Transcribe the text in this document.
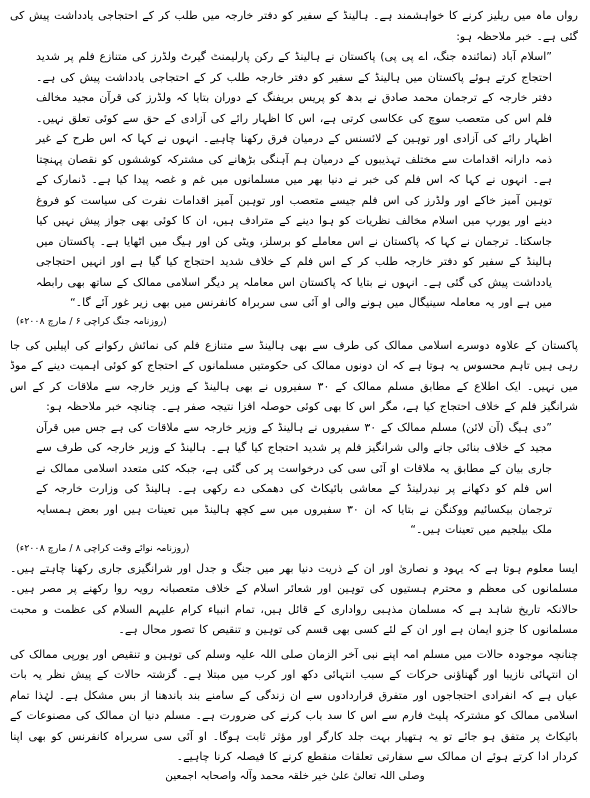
رواں ماہ میں ریلیز کرنے کا خواہشمند ہے۔ ہالینڈ کے سفیر کو دفتر خارجہ میں طلب کر کے احتجاجی یادداشت پیش کی گئی ہے۔ خبر ملاحظہ ہو:

”اسلام آباد (نمائندہ جنگ، اے پی پی) پاکستان نے ہالینڈ کے رکن پارلیمنٹ گیرٹ ولڈرز کی متنازع فلم پر شدید احتجاج کرتے ہوئے پاکستان میں ہالینڈ کے سفیر کو دفتر خارجہ طلب کر کے احتجاجی یادداشت پیش کی ہے۔ دفتر خارجہ کے ترجمان محمد صادق نے بدھ کو پریس بریفنگ کے دوران بتایا کہ ولڈرز کی قرآن مجید مخالف فلم اس کی متعصب سوچ کی عکاسی کرتی ہے، اس کا اظہار رائے کی آزادی کے حق سے کوئی تعلق نہیں۔ اظہار رائے کی آزادی اور توہین کے لائسنس کے درمیان فرق رکھنا چاہیے۔ انہوں نے کہا کہ اس طرح کے غیر ذمہ دارانہ اقدامات سے مختلف تہذیبوں کے درمیان ہم آہنگی بڑھانے کی مشترکہ کوششوں کو نقصان پہنچتا ہے۔ انہوں نے کہا کہ اس فلم کی خبر نے دنیا بھر میں مسلمانوں میں غم و غصہ پیدا کیا ہے۔ ڈنمارک کے توہین آمیز خاکے اور ولڈرز کی اس فلم جیسے متعصب اور توہین آمیز اقدامات نفرت کی سیاست کو فروغ دینے اور یورپ میں اسلام مخالف نظریات کو ہوا دینے کے مترادف ہیں، ان کا کوئی بھی جواز پیش نہیں کیا جاسکتا۔ ترجمان نے کہا کہ پاکستان نے اس معاملے کو برسلز، ویٹی کن اور ہیگ میں اٹھایا ہے۔ پاکستان میں ہالینڈ کے سفیر کو دفتر خارجہ طلب کر کے اس فلم کے خلاف شدید احتجاج کیا گیا ہے اور انہیں احتجاجی یادداشت پیش کی گئی ہے۔ انہوں نے بتایا کہ پاکستان اس معاملہ پر دیگر اسلامی ممالک کے ساتھ بھی رابطہ میں ہے اور یہ معاملہ سینیگال میں ہونے والی او آئی سی سربراہ کانفرنس میں بھی زیر غور آئے گا۔“

(روزنامہ جنگ کراچی ۶ / مارچ ۲۰۰۸ء)

پاکستان کے علاوہ دوسرے اسلامی ممالک کی طرف سے بھی ہالینڈ سے متنازع فلم کی نمائش رکوانے کی اپیلیں کی جا رہی ہیں تاہم محسوس یہ ہوتا ہے کہ ان دونوں ممالک کی حکومتیں مسلمانوں کے احتجاج کو کوئی اہمیت دینے کے موڈ میں نہیں۔ ایک اطلاع کے مطابق مسلم ممالک کے ۳۰ سفیروں نے بھی ہالینڈ کے وزیر خارجہ سے ملاقات کر کے اس شرانگیز فلم کے خلاف احتجاج کیا ہے، مگر اس کا بھی کوئی حوصلہ افزا نتیجہ صفر ہے۔ چنانچہ خبر ملاحظہ ہو:

”دی ہیگ (آن لائن) مسلم ممالک کے ۳۰ سفیروں نے ہالینڈ کے وزیر خارجہ سے ملاقات کی ہے جس میں قرآن مجید کے خلاف بنائی جانے والی شرانگیز فلم پر شدید احتجاج کیا گیا ہے۔ ہالینڈ کے وزیر خارجہ کی طرف سے جاری بیان کے مطابق یہ ملاقات او آئی سی کی درخواست پر کی گئی ہے، جبکہ کئی متعدد اسلامی ممالک نے اس فلم کو دکھانے پر نیدرلینڈ کے معاشی بائیکاٹ کی دھمکی دے رکھی ہے۔ ہالینڈ کی وزارت خارجہ کے ترجمان بیکسائیم ووکنگن نے بتایا کہ ان ۳۰ سفیروں میں سے کچھ ہالینڈ میں تعینات ہیں اور بعض ہمسایہ ملک بیلجیم میں تعینات ہیں۔“

(روزنامہ نوائے وقت کراچی ۸ / مارچ ۲۰۰۸ء)

ایسا معلوم ہوتا ہے کہ یہود و نصاریٰ اور ان کے ذریت دنیا بھر میں جنگ و جدل اور شرانگیزی جاری رکھنا چاہتے ہیں۔ مسلمانوں کی معظم و محترم ہستیوں کی توہین اور شعائر اسلام کے خلاف متعصبانہ رویہ روا رکھنے پر مصر ہیں۔ حالانکہ تاریخ شاہد ہے کہ مسلمان مذہبی رواداری کے قائل ہیں، تمام انبیاء کرام علیہم السلام کی عظمت و محبت مسلمانوں کا جزو ایمان ہے اور ان کے لئے کسی بھی قسم کی توہین و تنقیص کا تصور محال ہے۔

چنانچہ موجودہ حالات میں مسلم امہ اپنے نبی آخر الزمان صلی اللہ علیہ وسلم کی توہین و تنقیص اور یورپی ممالک کی ان انتہائی نازیبا اور گھناؤنی حرکات کے سبب انتہائی دکھ اور کرب میں مبتلا ہے۔ گزشتہ حالات کے پیش نظر یہ بات عیاں ہے کہ انفرادی احتجاجوں اور متفرق قراردادوں سے ان زندگی کے سامنے بند باندھنا از بس مشکل ہے۔ لہٰذا تمام اسلامی ممالک کو مشترکہ پلیٹ فارم سے اس کا سد باب کرنے کی ضرورت ہے۔ مسلم دنیا ان ممالک کی مصنوعات کے بائیکاٹ پر متفق ہو جائے تو یہ ہتھیار بہت جلد کارگر اور مؤثر ثابت ہوگا۔ او آئی سی سربراہ کانفرنس کو بھی اپنا کردار ادا کرتے ہوئے ان ممالک سے سفارتی تعلقات منقطع کرنے کا فیصلہ کرنا چاہیے۔

وصلی اللہ تعالیٰ علیٰ خیر خلقہ محمد وآلہ واصحابہ اجمعین
